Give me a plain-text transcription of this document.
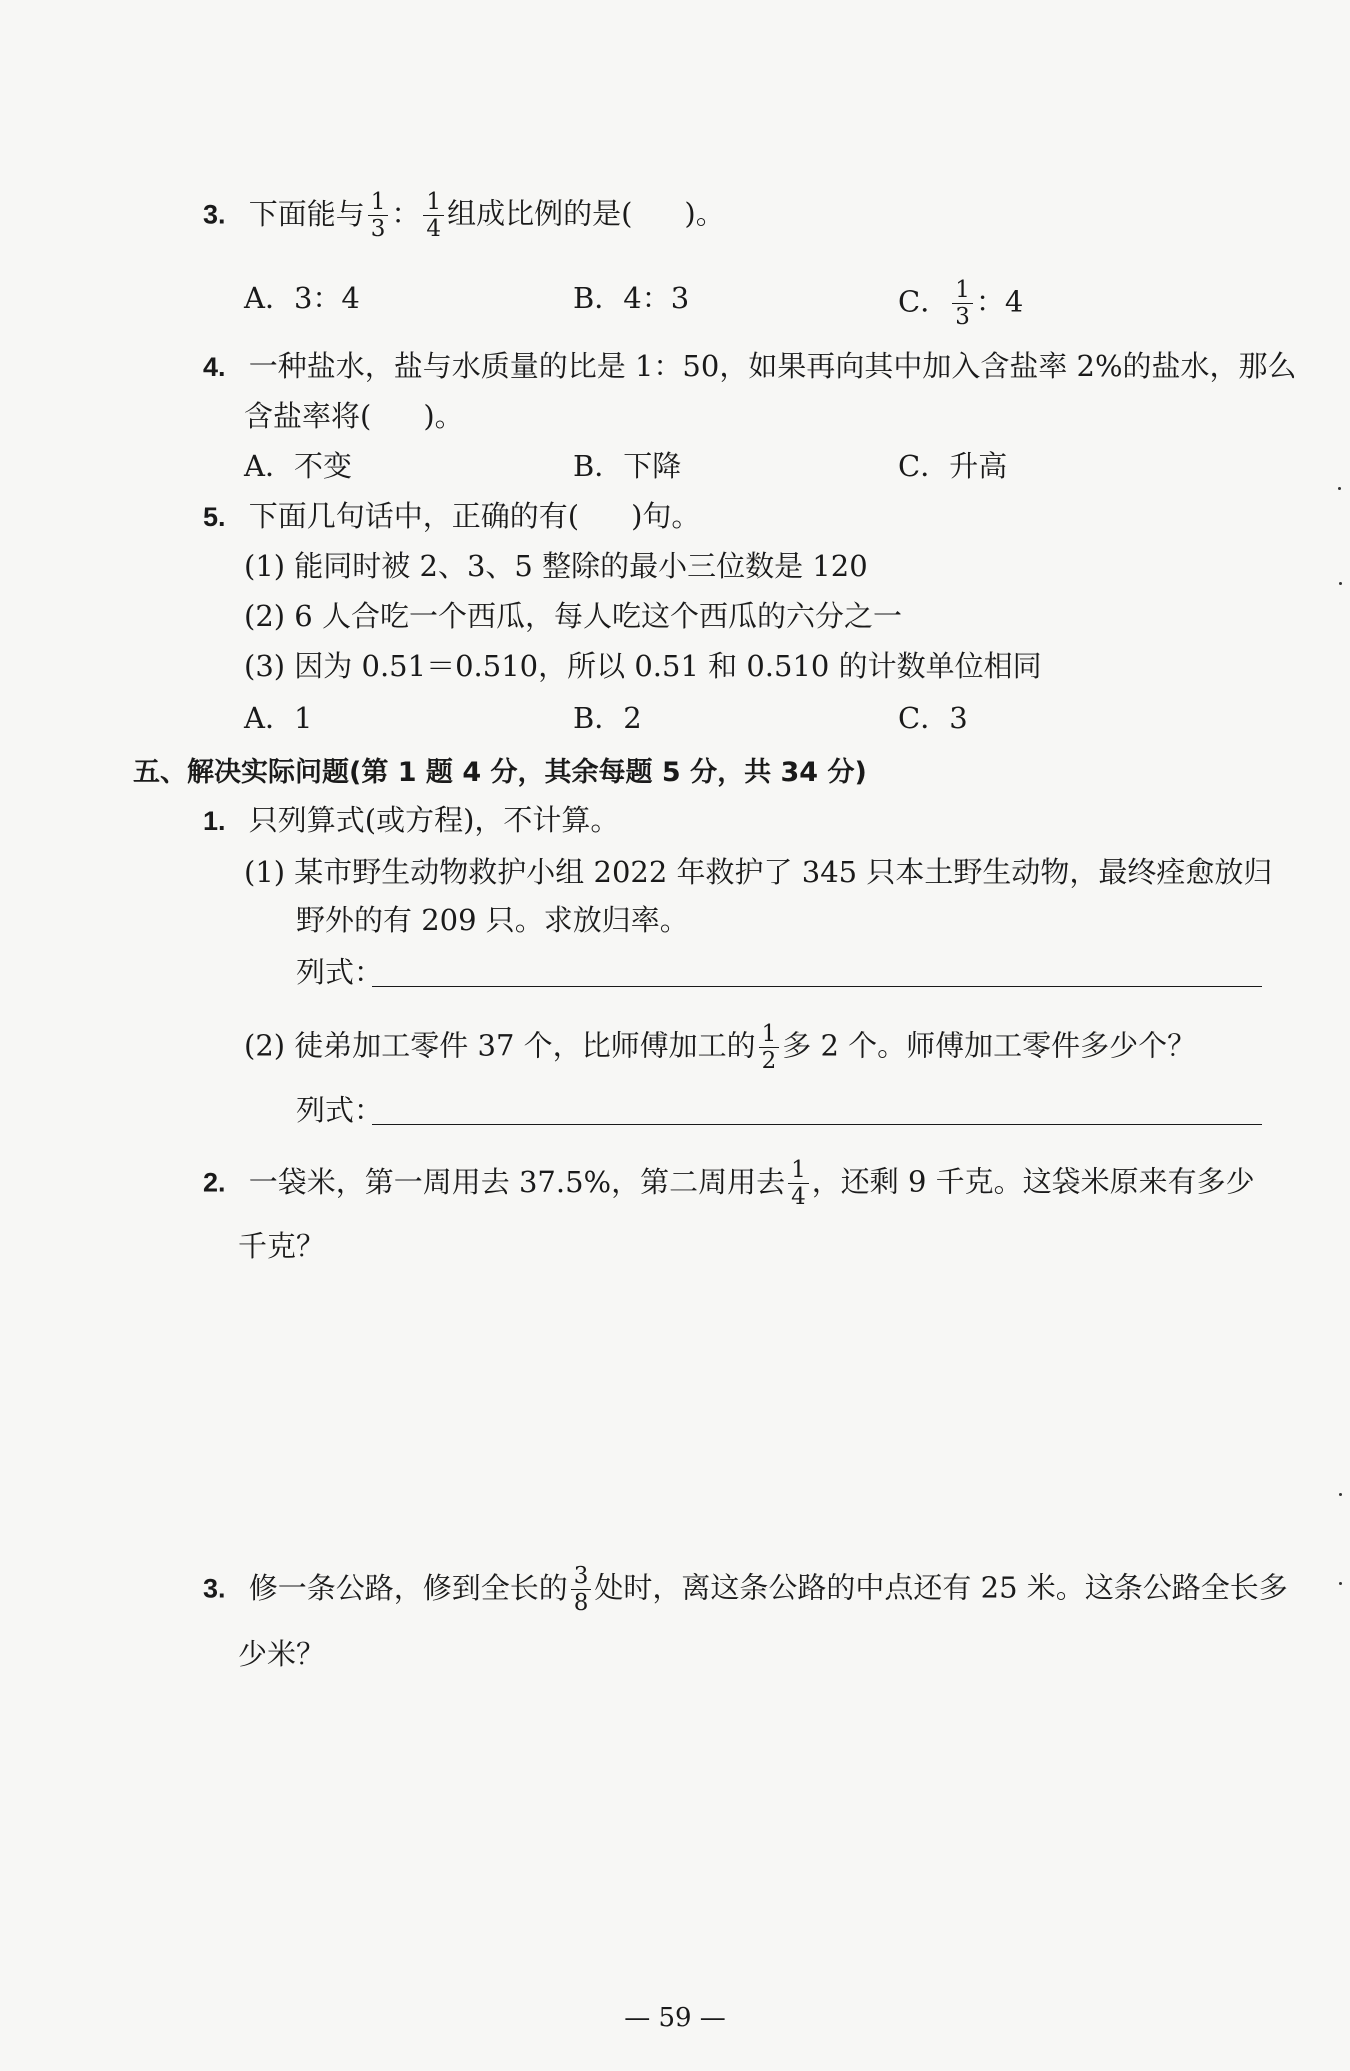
3. 下面能与 $\frac{1}{3}$ ： $\frac{1}{4}$ 组成比例的是( )。
A．3：4	B．4：3	C． $\frac{1}{3}$ ：4
4. 一种盐水，盐与水质量的比是 1：50，如果再向其中加入含盐率 2%的盐水，那么
含盐率将( )。
A．不变	B．下降	C．升高
5. 下面几句话中，正确的有( )句。
(1) 能同时被 2、3、5 整除的最小三位数是 120
(2) 6 人合吃一个西瓜，每人吃这个西瓜的六分之一
(3) 因为 0.51＝0.510，所以 0.51 和 0.510 的计数单位相同
A．1	B．2	C．3
五、解决实际问题(第 1 题 4 分，其余每题 5 分，共 34 分)
1. 只列算式(或方程)，不计算。
(1) 某市野生动物救护小组 2022 年救护了 345 只本土野生动物，最终痊愈放归
野外的有 209 只。求放归率。
列式：
(2) 徒弟加工零件 37 个，比师傅加工的 $\frac{1}{2}$ 多 2 个。师傅加工零件多少个？
列式：
2. 一袋米，第一周用去 37.5%，第二周用去 $\frac{1}{4}$ ，还剩 9 千克。这袋米原来有多少
千克？
3. 修一条公路，修到全长的 $\frac{3}{8}$ 处时，离这条公路的中点还有 25 米。这条公路全长多
少米？
— 59 —
